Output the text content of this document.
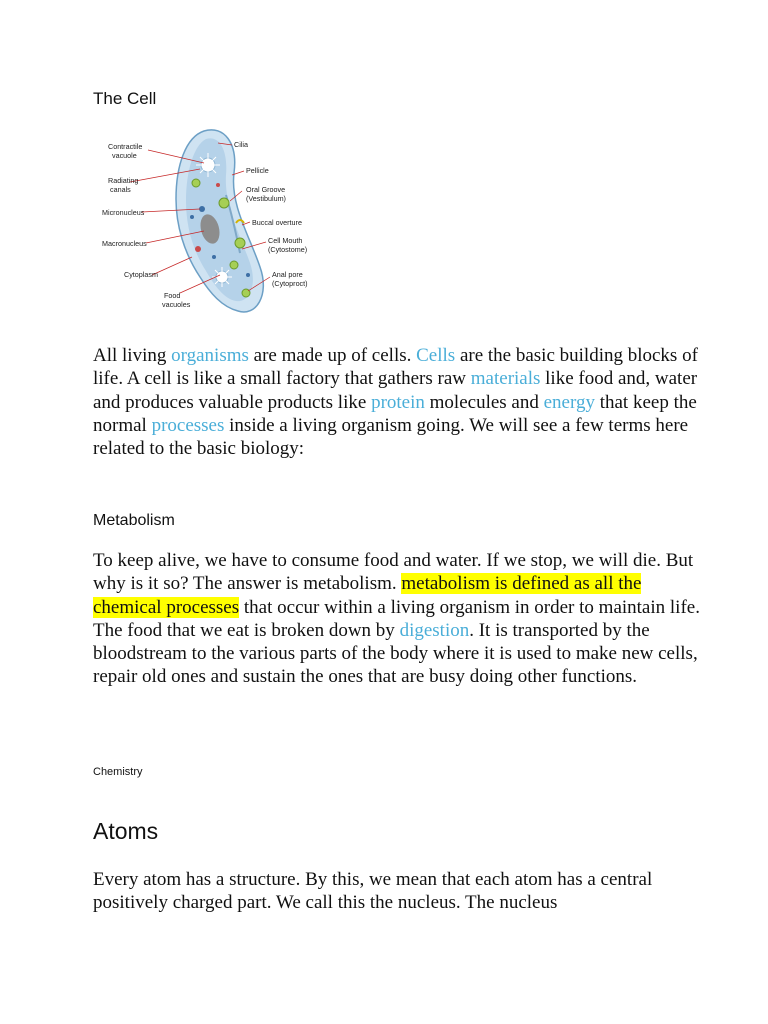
The Cell
Contractile
vacuole
Radiating
canals
Micronucleus
Macronucleus
Cytoplasm
Food
vacuoles
Cilia
Pellicle
Oral Groove
(Vestibulum)
Buccal overture
Cell Mouth
(Cytostome)
Anal pore
(Cytoproct)

All living organisms are made up of cells. Cells are the basic building blocks of life. A cell is like a small factory that gathers raw materials like food and, water and produces valuable products like protein molecules and energy that keep the
normal processes inside a living organism going. We will see a few terms here related to the basic biology:

Metabolism

To keep alive, we have to consume food and water. If we stop, we will die. But why is it so? The answer is metabolism. metabolism is defined as all the chemical processes that occur within a living organism in order to maintain life. The food that we eat is broken down by digestion. It is transported by the bloodstream to the various parts of the body where it is used to make new cells, repair old ones and sustain the ones that are busy doing other functions.

Chemistry
Atoms

Every atom has a structure. By this, we mean that each atom has a central positively charged part. We call this the nucleus. The nucleus
